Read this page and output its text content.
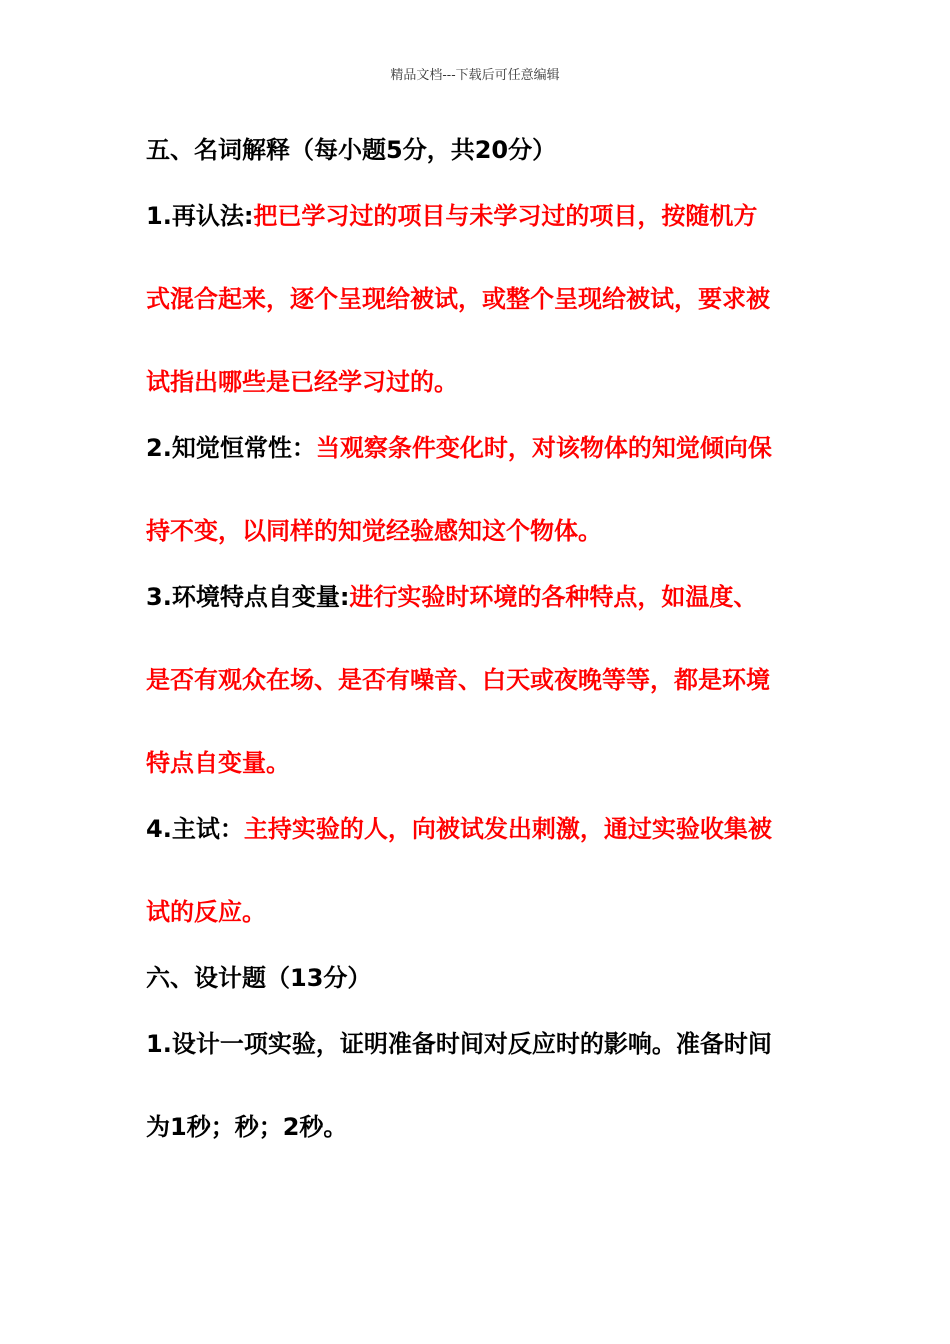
精品文档---下载后可任意编辑
五、名词解释（每小题5分，共20分）
1.再认法:把已学习过的项目与未学习过的项目，按随机方
式混合起来，逐个呈现给被试，或整个呈现给被试，要求被
试指出哪些是已经学习过的。
2.知觉恒常性：当观察条件变化时，对该物体的知觉倾向保
持不变，以同样的知觉经验感知这个物体。
3.环境特点自变量:进行实验时环境的各种特点，如温度、
是否有观众在场、是否有噪音、白天或夜晚等等，都是环境
特点自变量。
4.主试：主持实验的人，向被试发出刺激，通过实验收集被
试的反应。
六、设计题（13分）
1.设计一项实验，证明准备时间对反应时的影响。准备时间
为1秒；秒；2秒。
